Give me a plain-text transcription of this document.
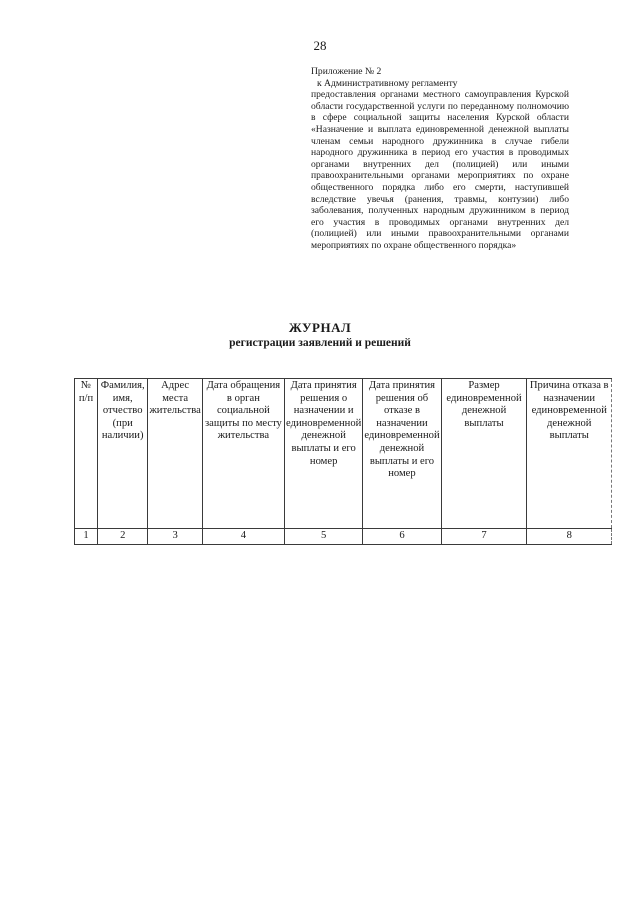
28
Приложение № 2
к Административному регламенту
предоставления органами местного самоуправления Курской области государственной услуги по переданному полномочию в сфере социальной защиты населения Курской области «Назначение и выплата единовременной денежной выплаты членам семьи народного дружинника в случае гибели народного дружинника в период его участия в проводимых органами внутренних дел (полицией) или иными правоохранительными органами мероприятиях по охране общественного порядка либо его смерти, наступившей вследствие увечья (ранения, травмы, контузии) либо заболевания, полученных народным дружинником в период его участия в проводимых органами внутренних дел (полицией) или иными правоохранительными органами мероприятиях по охране общественного порядка»
ЖУРНАЛ
регистрации заявлений и решений
№ п/п	Фамилия, имя, отчество (при наличии)	Адрес места жительства	Дата обращения в орган социальной защиты по месту жительства	Дата принятия решения о назначении и единовременной денежной выплаты и его номер	Дата принятия решения об отказе в назначении единовременной денежной выплаты и его номер	Размер единовременной денежной выплаты	Причина отказа в назначении единовременной денежной выплаты
1	2	3	4	5	6	7	8
